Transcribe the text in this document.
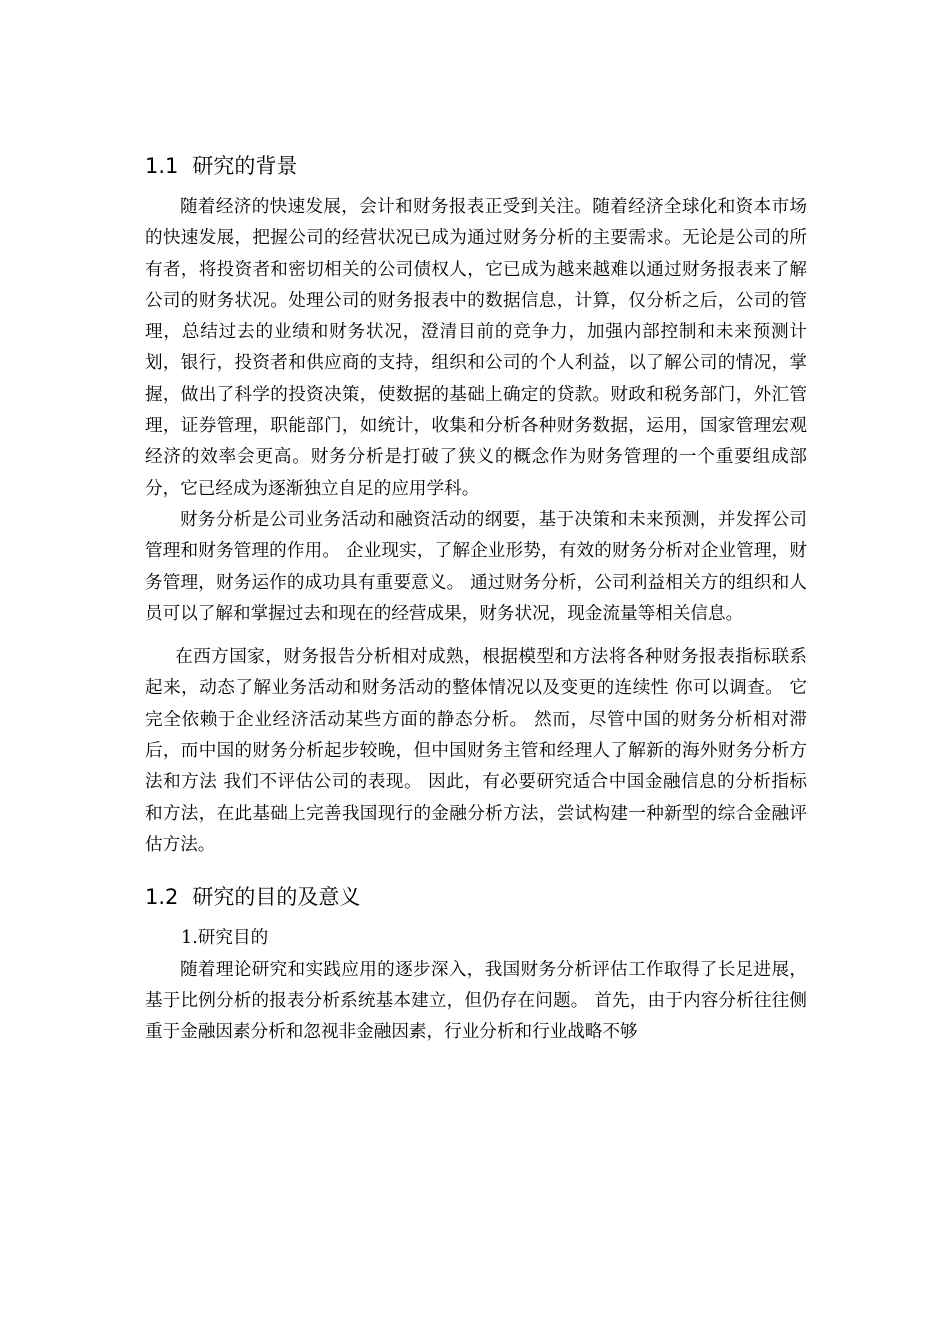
1.1 研究的背景

随着经济的快速发展，会计和财务报表正受到关注。随着经济全球化和资本市场的快速发展，把握公司的经营状况已成为通过财务分析的主要需求。无论是公司的所有者，将投资者和密切相关的公司债权人，它已成为越来越难以通过财务报表来了解公司的财务状况。处理公司的财务报表中的数据信息，计算，仅分析之后，公司的管理，总结过去的业绩和财务状况，澄清目前的竞争力，加强内部控制和未来预测计划，银行，投资者和供应商的支持，组织和公司的个人利益，以了解公司的情况，掌握，做出了科学的投资决策，使数据的基础上确定的贷款。财政和税务部门，外汇管理，证券管理，职能部门，如统计，收集和分析各种财务数据，运用，国家管理宏观经济的效率会更高。财务分析是打破了狭义的概念作为财务管理的一个重要组成部分，它已经成为逐渐独立自足的应用学科。

财务分析是公司业务活动和融资活动的纲要，基于决策和未来预测，并发挥公司管理和财务管理的作用。 企业现实，了解企业形势，有效的财务分析对企业管理，财务管理，财务运作的成功具有重要意义。 通过财务分析，公司利益相关方的组织和人员可以了解和掌握过去和现在的经营成果，财务状况，现金流量等相关信息。

在西方国家，财务报告分析相对成熟，根据模型和方法将各种财务报表指标联系起来，动态了解业务活动和财务活动的整体情况以及变更的连续性 你可以调查。 它完全依赖于企业经济活动某些方面的静态分析。 然而，尽管中国的财务分析相对滞后，而中国的财务分析起步较晚，但中国财务主管和经理人了解新的海外财务分析方法和方法 我们不评估公司的表现。 因此，有必要研究适合中国金融信息的分析指标和方法，在此基础上完善我国现行的金融分析方法，尝试构建一种新型的综合金融评估方法。

1.2 研究的目的及意义

1.研究目的

随着理论研究和实践应用的逐步深入，我国财务分析评估工作取得了长足进展，基于比例分析的报表分析系统基本建立，但仍存在问题。 首先，由于内容分析往往侧重于金融因素分析和忽视非金融因素，行业分析和行业战略不够
